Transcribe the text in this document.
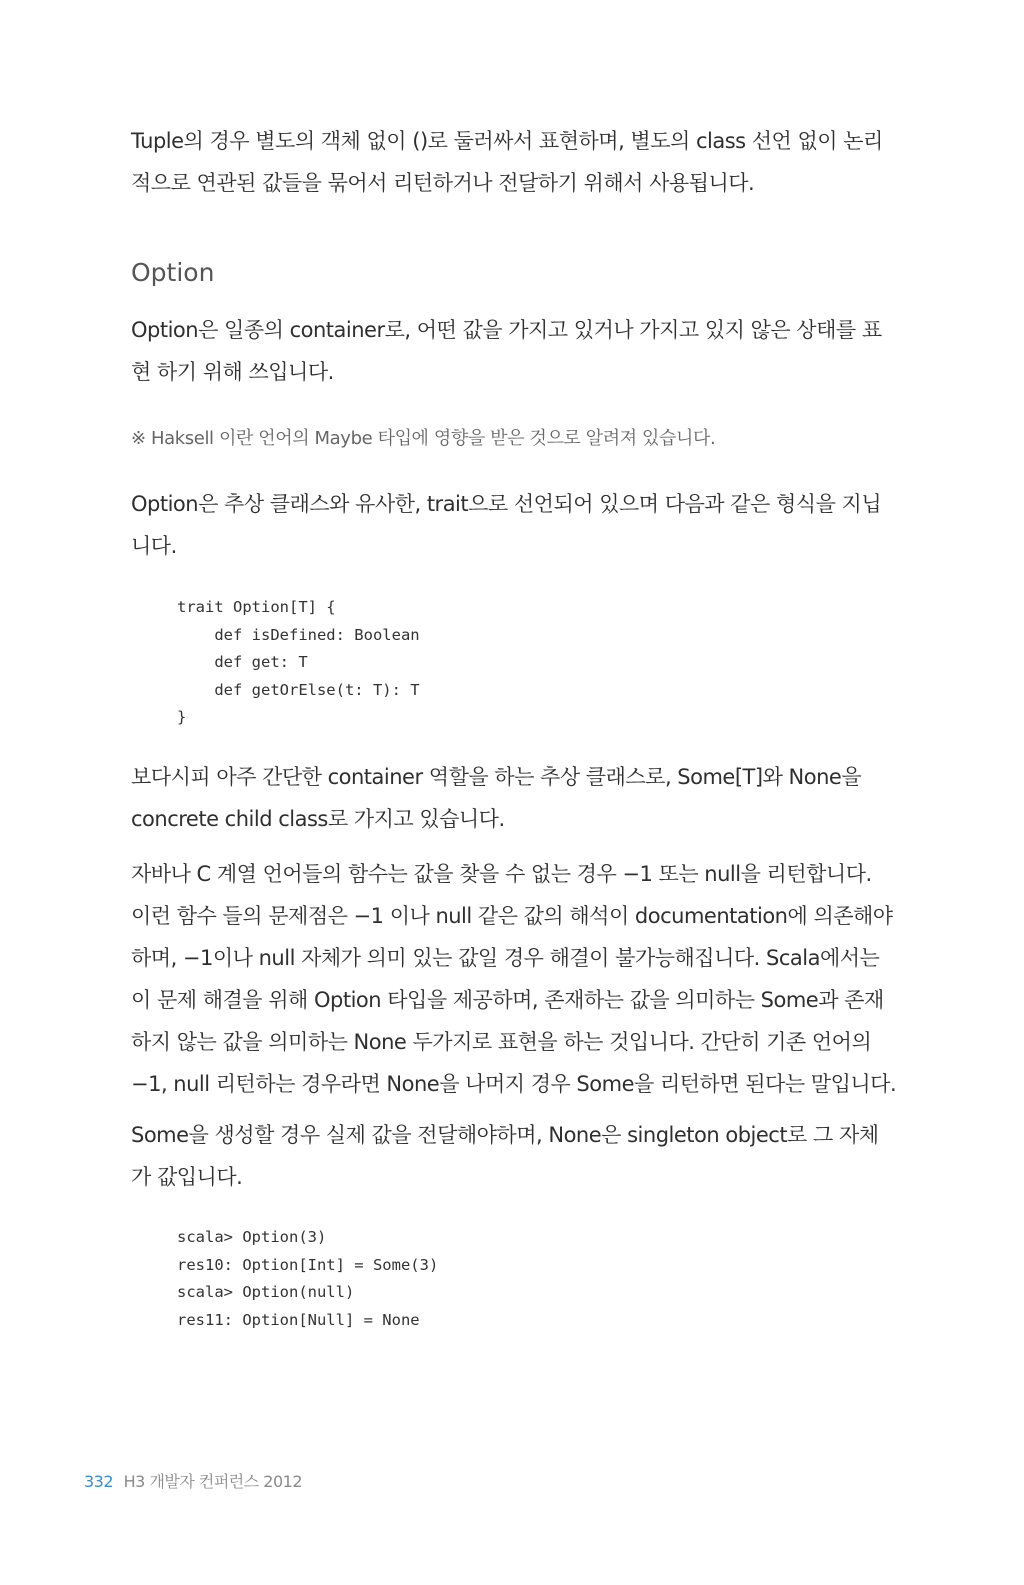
Tuple의 경우 별도의 객체 없이 ()로 둘러싸서 표현하며, 별도의 class 선언 없이 논리
적으로 연관된 값들을 묶어서 리턴하거나 전달하기 위해서 사용됩니다.
Option
Option은 일종의 container로, 어떤 값을 가지고 있거나 가지고 있지 않은 상태를 표
현 하기 위해 쓰입니다.

※ Haksell 이란 언어의 Maybe 타입에 영향을 받은 것으로 알려져 있습니다.

Option은 추상 클래스와 유사한, trait으로 선언되어 있으며 다음과 같은 형식을 지닙
니다.
trait Option[T] {
def isDefined: Boolean
def get: T
def getOrElse(t: T): T
}
보다시피 아주 간단한 container 역할을 하는 추상 클래스로, Some[T]와 None을
concrete child class로 가지고 있습니다.
자바나 C 계열 언어들의 함수는 값을 찾을 수 없는 경우 −1 또는 null을 리턴합니다.
이런 함수 들의 문제점은 −1 이나 null 같은 값의 해석이 documentation에 의존해야
하며, −1이나 null 자체가 의미 있는 값일 경우 해결이 불가능해집니다. Scala에서는
이 문제 해결을 위해 Option 타입을 제공하며, 존재하는 값을 의미하는 Some과 존재
하지 않는 값을 의미하는 None 두가지로 표현을 하는 것입니다. 간단히 기존 언어의
−1, null 리턴하는 경우라면 None을 나머지 경우 Some을 리턴하면 된다는 말입니다.
Some을 생성할 경우 실제 값을 전달해야하며, None은 singleton object로 그 자체
가 값입니다.
scala> Option(3)
res10: Option[Int] = Some(3)
scala> Option(null)
res11: Option[Null] = None
332 H3 개발자 컨퍼런스 2012
